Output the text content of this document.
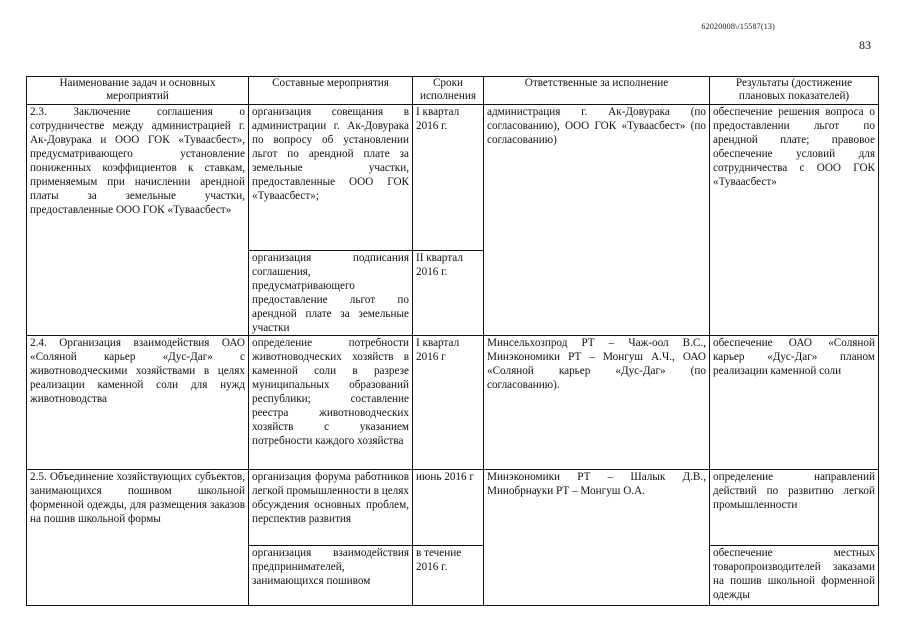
62020008\/15587(13)
83
Наименование задач и основных мероприятий	Составные мероприятия	Сроки исполнения	Ответственные за исполнение	Результаты (достижение плановых показателей)
2.3. Заключение соглашения о сотрудничестве между администрацией г. Ак-Довурака и ООО ГОК «Туваасбест», предусматривающего установление пониженных коэффициентов к ставкам, применяемым при начислении арендной платы за земельные участки, предоставленные ООО ГОК «Туваасбест»	организация совещания в администрации г. Ак-Довурака по вопросу об установлении льгот по арендной плате за земельные участки, предоставленные ООО ГОК «Туваасбест»;	I квартал 2016 г.	администрация г. Ак-Довурака (по согласованию), ООО ГОК «Туваасбест» (по согласованию)	обеспечение решения вопроса о предоставлении льгот по арендной плате; правовое обеспечение условий для сотрудничества с ООО ГОК «Туваасбест»
	организация подписания соглашения, предусматривающего предоставление льгот по арендной плате за земельные участки	II квартал 2016 г.		
2.4. Организация взаимодействия ОАО «Соляной карьер «Дус-Даг» с животноводческими хозяйствами в целях реализации каменной соли для нужд животноводства	определение потребности животноводческих хозяйств в каменной соли в разрезе муниципальных образований республики; составление реестра животноводческих хозяйств с указанием потребности каждого хозяйства	I квартал 2016 г	Минсельхозпрод РТ – Чаж-оол В.С., Минэкономики РТ – Монгуш А.Ч., ОАО «Соляной карьер «Дус-Даг» (по согласованию).	обеспечение ОАО «Соляной карьер «Дус-Даг» планом реализации каменной соли
2.5. Объединение хозяйствующих субъектов, занимающихся пошивом школьной форменной одежды, для размещения заказов на пошив школьной формы	организация форума работников легкой промышленности в целях обсуждения основных проблем, перспектив развития	июнь 2016 г	Минэкономики РТ – Шалык Д.В., Минобрнауки РТ – Монгуш О.А.	определение направлений действий по развитию легкой промышленности
	организация взаимодействия предпринимателей, занимающихся пошивом	в течение 2016 г.		обеспечение местных товаропроизводителей заказами на пошив школьной форменной одежды
